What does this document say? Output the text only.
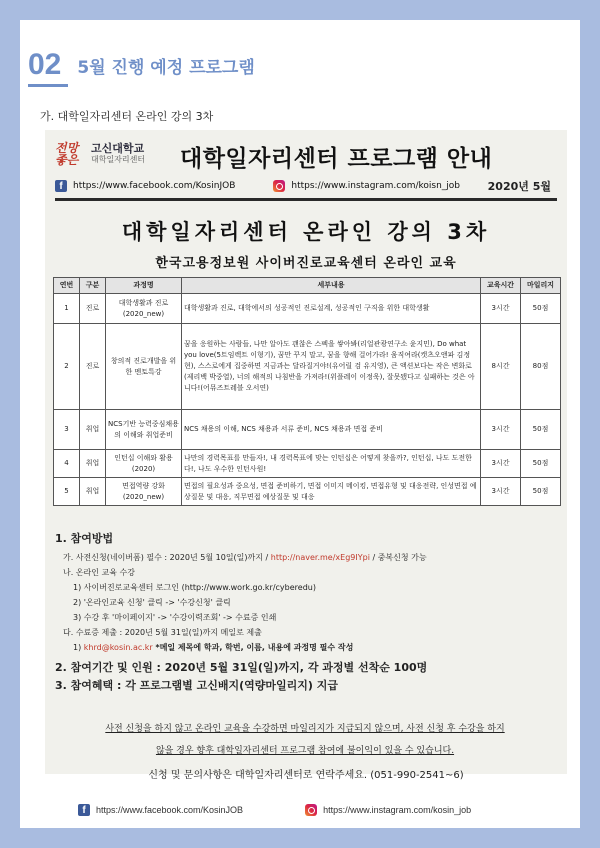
02 5월 진행 예정 프로그램
가. 대학일자리센터 온라인 강의 3차
전망좋은
고신대학교
대학일자리센터 대학일자리센터 프로그램 안내
f	https://www.facebook.com/KosinJOB	https://www.instagram.com/koisn_job	2020년 5월
대학일자리센터 온라인 강의 3차
한국고용정보원 사이버진로교육센터 온라인 교육
연번	구분	과정명	세부내용	교육시간	마일리지
1	진로	대학생활과 진로 (2020_new)	대학생활과 진로, 대학에서의 성공적인 진로설계, 성공적인 구직을 위한 대학생활	3시간	50점
2	진로	창의적 진로개발을 위한 멘토특강	꿈을 응원하는 사람들, 나만 알아도 괜찮은 스펙을 쌓아봐(리얼관광연구소 윤지민), Do what you love(5트임렉트 이형기), 꿈만 꾸지 말고, 꿈을 향해 걸어가라! 움직여라(캣츠오앤파 김정현), 스스로에게 집중하면 지금과는 달라질거야!(유어릴 검 유지영), 큰 액션보다는 작은 변화로(제리백 박중열), 너의 해적의 나침반을 가져라!(위플레이 이정욱), 잘못됐다고 실패하는 것은 아니다!(어뮤즈트레블 오서연)	8시간	80점
3	취업	NCS기반 능력중심채용의 이해와 취업준비	NCS 채용의 이해, NCS 채용과 서류 준비, NCS 채용과 면접 준비	3시간	50점
4	취업	인턴십 이해와 활용(2020)	나만의 경력목표를 만들자!, 내 경력목표에 맞는 인턴십은 어떻게 찾을까?, 인턴십, 나도 도전한다!, 나도 우수한 인턴사원!	3시간	50점
5	취업	면접역량 강화(2020_new)	면접의 필요성과 중요성, 면접 준비하기, 면접 이미지 메이킹, 면접유형 및 대응전략, 인성면접 예상질문 및 대응, 직무면접 예상질문 및 대응	3시간	50점
1. 참여방법
가. 사전신청(네이버폼) 필수 : 2020년 5월 10일(일)까지 / http://naver.me/xEg9IYpi / 중복신청 가능
나. 온라인 교육 수강
1) 사이버진로교육센터 로그인 (http://www.work.go.kr/cyberedu)
2) '온라인교육 신청' 클릭 -> '수강신청' 클릭
3) 수강 후 '마이페이지' -> '수강이력조회' -> 수료증 인쇄
다. 수료증 제출 : 2020년 5월 31일(일)까지 메일로 제출
1) khrd@kosin.ac.kr *메일 제목에 학과, 학번, 이름, 내용에 과정명 필수 작성
2. 참여기간 및 인원 : 2020년 5월 31일(일)까지, 각 과정별 선착순 100명
3. 참여혜택 : 각 프로그램별 고신배지(역량마일리지) 지급
사전 신청을 하지 않고 온라인 교육을 수강하면 마일리지가 지급되지 않으며, 사전 신청 후 수강을 하지
않을 경우 향후 대학일자리센터 프로그램 참여에 불이익이 있을 수 있습니다.
신청 및 문의사항은 대학일자리센터로 연락주세요. (051-990-2541~6)
f	https://www.facebook.com/KosinJOB	https://www.instagram.com/kosin_job
